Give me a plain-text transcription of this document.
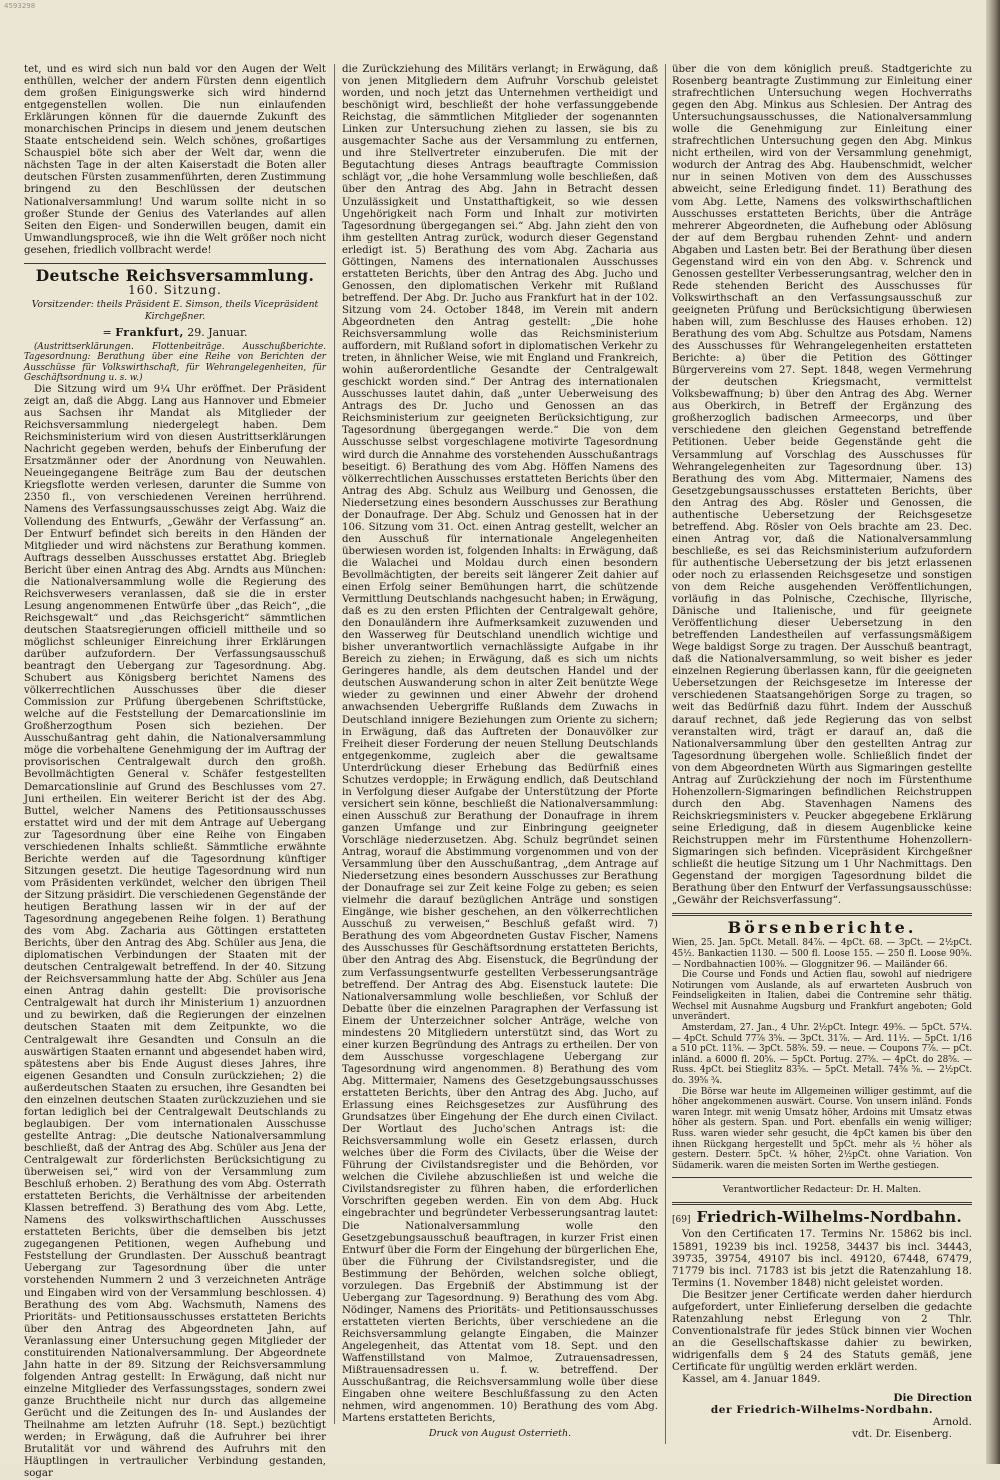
4593298

tet, und es wird sich nun bald vor den Augen der Welt enthüllen, welcher der andern Fürsten denn eigentlich dem großen Einigungswerke sich wird hindernd entgegenstellen wollen. Die nun einlaufenden Erklärungen können für die dauernde Zukunft des monarchischen Princips in diesem und jenem deutschen Staate entscheidend sein. Welch schönes, großartiges Schauspiel böte sich aber der Welt dar, wenn die nächsten Tage in der alten Kaiserstadt die Boten aller deutschen Fürsten zusammenführten, deren Zustimmung bringend zu den Beschlüssen der deutschen Nationalversammlung! Und warum sollte nicht in so großer Stunde der Genius des Vaterlandes auf allen Seiten den Eigen- und Sonderwillen beugen, damit ein Umwandlungsproceß, wie ihn die Welt größer noch nicht gesehen, friedlich vollbracht werde!

Deutsche Reichsversammlung.
160. Sitzung.
Vorsitzender: theils Präsident E. Simson, theils Vicepräsident Kirchgeßner.
= Frankfurt, 29. Januar.

(Austrittserklärungen. Flottenbeiträge. Ausschußberichte. Tagesordnung: Berathung über eine Reihe von Berichten der Ausschüsse für Volkswirthschaft, für Wehrangelegenheiten, für Geschäftsordnung u. s. w.)

Die Sitzung wird um 9¼ Uhr eröffnet. Der Präsident zeigt an, daß die Abgg. Lang aus Hannover und Ebmeier aus Sachsen ihr Mandat als Mitglieder der Reichsversammlung niedergelegt haben. Dem Reichsministerium wird von diesen Austrittserklärungen Nachricht gegeben werden, behufs der Einberufung der Ersatzmänner oder der Anordnung von Neuwahlen. Neueingegangene Beiträge zum Bau der deutschen Kriegsflotte werden verlesen, darunter die Summe von 2350 fl., von verschiedenen Vereinen herrührend. Namens des Verfassungsausschusses zeigt Abg. Waiz die Vollendung des Entwurfs, „Gewähr der Verfassung“ an. Der Entwurf befindet sich bereits in den Händen der Mitglieder und wird nächstens zur Berathung kommen. Auftrags desselben Ausschusses erstattet Abg. Briegleb Bericht über einen Antrag des Abg. Arndts aus München: die Nationalversammlung wolle die Regierung des Reichsverwesers veranlassen, daß sie die in erster Lesung angenommenen Entwürfe über „das Reich“, „die Reichsgewalt“ und „das Reichsgericht“ sämmtlichen deutschen Staatsregierungen officiell mittheile und so möglichst schleuniger Einreichung ihrer Erklärungen darüber aufzufordern. Der Verfassungsausschuß beantragt den Uebergang zur Tagesordnung. Abg. Schubert aus Königsberg berichtet Namens des völkerrechtlichen Ausschusses über die dieser Commission zur Prüfung übergebenen Schriftstücke, welche auf die Feststellung der Demarcationslinie im Großherzogthum Posen sich beziehen. Der Ausschußantrag geht dahin, die Nationalversammlung möge die vorbehaltene Genehmigung der im Auftrag der provisorischen Centralgewalt durch den großh. Bevollmächtigten General v. Schäfer festgestellten Demarcationslinie auf Grund des Beschlusses vom 27. Juni ertheilen. Ein weiterer Bericht ist der des Abg. Buttel, welcher Namens des Petitionsausschusses erstattet wird und der mit dem Antrage auf Uebergang zur Tagesordnung über eine Reihe von Eingaben verschiedenen Inhalts schließt. Sämmtliche erwähnte Berichte werden auf die Tagesordnung künftiger Sitzungen gesetzt. Die heutige Tagesordnung wird nun vom Präsidenten verkündet, welcher den übrigen Theil der Sitzung präsidirt. Die verschiedenen Gegenstände der heutigen Berathung lassen wir in der auf der Tagesordnung angegebenen Reihe folgen. 1) Berathung des vom Abg. Zacharia aus Göttingen erstatteten Berichts, über den Antrag des Abg. Schüler aus Jena, die diplomatischen Verbindungen der Staaten mit der deutschen Centralgewalt betreffend. In der 40. Sitzung der Reichsversammlung hatte der Abg. Schüler aus Jena einen Antrag dahin gestellt: Die provisorische Centralgewalt hat durch ihr Ministerium 1) anzuordnen und zu bewirken, daß die Regierungen der einzelnen deutschen Staaten mit dem Zeitpunkte, wo die Centralgewalt ihre Gesandten und Consuln an die auswärtigen Staaten ernannt und abgesendet haben wird, spätestens aber bis Ende August dieses Jahres, ihre eigenen Gesandten und Consuln zurückziehen; 2) die außerdeutschen Staaten zu ersuchen, ihre Gesandten bei den einzelnen deutschen Staaten zurückzuziehen und sie fortan lediglich bei der Centralgewalt Deutschlands zu beglaubigen. Der vom internationalen Ausschusse gestellte Antrag: „Die deutsche Nationalversammlung beschließt, daß der Antrag des Abg. Schüler aus Jena der Centralgewalt zur förderlichsten Berücksichtigung zu überweisen sei,“ wird von der Versammlung zum Beschluß erhoben. 2) Berathung des vom Abg. Osterrath erstatteten Berichts, die Verhältnisse der arbeitenden Klassen betreffend. 3) Berathung des vom Abg. Lette, Namens des volkswirthschaftlichen Ausschusses erstatteten Berichts, über die demselben bis jetzt zugegangenen Petitionen, wegen Aufhebung und Feststellung der Grundlasten. Der Ausschuß beantragt Uebergang zur Tagesordnung über die unter vorstehenden Nummern 2 und 3 verzeichneten Anträge und Eingaben wird von der Versammlung beschlossen. 4) Berathung des vom Abg. Wachsmuth, Namens des Prioritäts- und Petitionsausschusses erstatteten Berichts über den Antrag des Abgeordneten Jahn, auf Veranlassung einer Untersuchung gegen Mitglieder der constituirenden Nationalversammlung. Der Abgeordnete Jahn hatte in der 89. Sitzung der Reichsversammlung folgenden Antrag gestellt: In Erwägung, daß nicht nur einzelne Mitglieder des Verfassungsstages, sondern zwei ganze Bruchtheile nicht nur durch das allgemeine Gerücht und die Zeitungen des In- und Auslandes der Theilnahme am letzten Aufruhr (18. Sept.) bezüchtigt werden; in Erwägung, daß die Aufruhrer bei ihrer Brutalität vor und während des Aufruhrs mit den Häuptlingen in vertraulicher Verbindung gestanden, sogar

die Zurückziehung des Militärs verlangt; in Erwägung, daß von jenen Mitgliedern dem Aufruhr Vorschub geleistet worden, und noch jetzt das Unternehmen vertheidigt und beschönigt wird, beschließt der hohe verfassunggebende Reichstag, die sämmtlichen Mitglieder der sogenannten Linken zur Untersuchung ziehen zu lassen, sie bis zu ausgemachter Sache aus der Versammlung zu entfernen, und ihre Stellvertreter einzuberufen. Die mit der Begutachtung dieses Antrags beauftragte Commission schlägt vor, „die hohe Versammlung wolle beschließen, daß über den Antrag des Abg. Jahn in Betracht dessen Unzulässigkeit und Unstatthaftigkeit, so wie dessen Ungehörigkeit nach Form und Inhalt zur motivirten Tagesordnung übergegangen sei.“ Abg. Jahn zieht den von ihm gestellten Antrag zurück, wodurch dieser Gegenstand erledigt ist. 5) Berathung des vom Abg. Zacharia aus Göttingen, Namens des internationalen Ausschusses erstatteten Berichts, über den Antrag des Abg. Jucho und Genossen, den diplomatischen Verkehr mit Rußland betreffend. Der Abg. Dr. Jucho aus Frankfurt hat in der 102. Sitzung vom 24. October 1848, im Verein mit andern Abgeordneten den Antrag gestellt: „Die hohe Reichsversammlung wolle das Reichsministerium auffordern, mit Rußland sofort in diplomatischen Verkehr zu treten, in ähnlicher Weise, wie mit England und Frankreich, wohin außerordentliche Gesandte der Centralgewalt geschickt worden sind.“ Der Antrag des internationalen Ausschusses lautet dahin, daß „unter Ueberweisung des Antrags des Dr. Jucho und Genossen an das Reichsministerium zur geeigneten Berücksichtigung, zur Tagesordnung übergegangen werde.“ Die von dem Ausschusse selbst vorgeschlagene motivirte Tagesordnung wird durch die Annahme des vorstehenden Ausschußantrags beseitigt. 6) Berathung des vom Abg. Höffen Namens des völkerrechtlichen Ausschusses erstatteten Berichts über den Antrag des Abg. Schulz aus Weilburg und Genossen, die Niedersetzung eines besondern Ausschusses zur Berathung der Donaufrage. Der Abg. Schulz und Genossen hat in der 106. Sitzung vom 31. Oct. einen Antrag gestellt, welcher an den Ausschuß für internationale Angelegenheiten überwiesen worden ist, folgenden Inhalts: in Erwägung, daß die Walachei und Moldau durch einen besondern Bevollmächtigten, der bereits seit längerer Zeit dahier auf einen Erfolg seiner Bemühungen harrt, die schützende Vermittlung Deutschlands nachgesucht haben; in Erwägung, daß es zu den ersten Pflichten der Centralgewalt gehöre, den Donauländern ihre Aufmerksamkeit zuzuwenden und den Wasserweg für Deutschland unendlich wichtige und bisher unverantwortlich vernachlässigte Aufgabe in ihr Bereich zu ziehen; in Erwägung, daß es sich um nichts Geringeres handle, als dem deutschen Handel und der deutschen Auswanderung schon in alter Zeit benützte Wege wieder zu gewinnen und einer Abwehr der drohend anwachsenden Uebergriffe Rußlands dem Zuwachs in Deutschland innigere Beziehungen zum Oriente zu sichern; in Erwägung, daß das Auftreten der Donauvölker zur Freiheit dieser Forderung der neuen Stellung Deutschlands entgegenkomme, zugleich aber die gewaltsame Unterdrückung dieser Erhebung das Bedürfniß eines Schutzes verdopple; in Erwägung endlich, daß Deutschland in Verfolgung dieser Aufgabe der Unterstützung der Pforte versichert sein könne, beschließt die Nationalversammlung: einen Ausschuß zur Berathung der Donaufrage in ihrem ganzen Umfange und zur Einbringung geeigneter Vorschläge niederzusetzen. Abg. Schulz begründet seinen Antrag, worauf die Abstimmung vorgenommen und von der Versammlung über den Ausschußantrag, „dem Antrage auf Niedersetzung eines besondern Ausschusses zur Berathung der Donaufrage sei zur Zeit keine Folge zu geben; es seien vielmehr die darauf bezüglichen Anträge und sonstigen Eingänge, wie bisher geschehen, an den völkerrechtlichen Ausschuß zu verweisen,“ Beschluß gefaßt wird. 7) Berathung des vom Abgeordneten Gustav Fischer, Namens des Ausschusses für Geschäftsordnung erstatteten Berichts, über den Antrag des Abg. Eisenstuck, die Begründung der zum Verfassungsentwurfe gestellten Verbesserungsanträge betreffend. Der Antrag des Abg. Eisenstuck lautete: Die Nationalversammlung wolle beschließen, vor Schluß der Debatte über die einzelnen Paragraphen der Verfassung ist Einem der Unterzeichner solcher Anträge, welche von mindestens 20 Mitgliedern unterstützt sind, das Wort zu einer kurzen Begründung des Antrags zu ertheilen. Der von dem Ausschusse vorgeschlagene Uebergang zur Tagesordnung wird angenommen. 8) Berathung des vom Abg. Mittermaier, Namens des Gesetzgebungsausschusses erstatteten Berichts, über den Antrag des Abg. Jucho, auf Erlassung eines Reichsgesetzes zur Ausführung des Grundsatzes über Eingehung der Ehe durch einen Civilact. Der Wortlaut des Jucho'schen Antrags ist: die Reichsversammlung wolle ein Gesetz erlassen, durch welches über die Form des Civilacts, über die Weise der Führung der Civilstandsregister und die Behörden, vor welchen die Civilehe abzuschließen ist und welche die Civilstandsregister zu führen haben, die erforderlichen Vorschriften gegeben werden. Ein von dem Abg. Huck eingebrachter und begründeter Verbesserungsantrag lautet: Die Nationalversammlung wolle den Gesetzgebungsausschuß beauftragen, in kurzer Frist einen Entwurf über die Form der Eingehung der bürgerlichen Ehe, über die Führung der Civilstandsregister, und die Bestimmung der Behörden, welchen solche obliegt, vorzulegen. Das Ergebniß der Abstimmung ist der Uebergang zur Tagesordnung. 9) Berathung des vom Abg. Nödinger, Namens des Prioritäts- und Petitionsausschusses erstatteten vierten Berichts, über verschiedene an die Reichsversammlung gelangte Eingaben, die Mainzer Angelegenheit, das Attentat vom 18. Sept. und den Waffenstillstand von Malmoe, Zutrauensadressen, Mißtrauensadressen u. f. w. betreffend. Der Ausschußantrag, die Reichsversammlung wolle über diese Eingaben ohne weitere Beschlußfassung zu den Acten nehmen, wird angenommen. 10) Berathung des vom Abg. Martens erstatteten Berichts,

über die von dem königlich preuß. Stadtgerichte zu Rosenberg beantragte Zustimmung zur Einleitung einer strafrechtlichen Untersuchung wegen Hochverraths gegen den Abg. Minkus aus Schlesien. Der Antrag des Untersuchungsausschusses, die Nationalversammlung wolle die Genehmigung zur Einleitung einer strafrechtlichen Untersuchung gegen den Abg. Minkus nicht ertheilen, wird von der Versammlung genehmigt, wodurch der Antrag des Abg. Haubenschmidt, welcher nur in seinen Motiven von dem des Ausschusses abweicht, seine Erledigung findet. 11) Berathung des vom Abg. Lette, Namens des volkswirthschaftlichen Ausschusses erstatteten Berichts, über die Anträge mehrerer Abgeordneten, die Aufhebung oder Ablösung der auf dem Bergbau ruhenden Zehnt- und andern Abgaben und Lasten betr. Bei der Berathung über diesen Gegenstand wird ein von den Abg. v. Schrenck und Genossen gestellter Verbesserungsantrag, welcher den in Rede stehenden Bericht des Ausschusses für Volkswirthschaft an den Verfassungsausschuß zur geeigneten Prüfung und Berücksichtigung überwiesen haben will, zum Beschlusse des Hauses erhoben. 12) Berathung des vom Abg. Schultze aus Potsdam, Namens des Ausschusses für Wehrangelegenheiten erstatteten Berichte: a) über die Petition des Göttinger Bürgervereins vom 27. Sept. 1848, wegen Vermehrung der deutschen Kriegsmacht, vermittelst Volksbewaffnung; b) über den Antrag des Abg. Werner aus Oberkirch, in Betreff der Ergänzung des großherzoglich badischen Armeecorps, und über verschiedene den gleichen Gegenstand betreffende Petitionen. Ueber beide Gegenstände geht die Versammlung auf Vorschlag des Ausschusses für Wehrangelegenheiten zur Tagesordnung über. 13) Berathung des vom Abg. Mittermaier, Namens des Gesetzgebungsausschusses erstatteten Berichts, über den Antrag des Abg. Rösler und Genossen, die authentische Uebersetzung der Reichsgesetze betreffend. Abg. Rösler von Oels brachte am 23. Dec. einen Antrag vor, daß die Nationalversammlung beschließe, es sei das Reichsministerium aufzufordern für authentische Uebersetzung der bis jetzt erlassenen oder noch zu erlassenden Reichsgesetze und sonstigen von dem Reiche ausgehenden Veröffentlichungen, vorläufig in das Polnische, Czechische, Illyrische, Dänische und Italienische, und für geeignete Veröffentlichung dieser Uebersetzung in den betreffenden Landestheilen auf verfassungsmäßigem Wege baldigst Sorge zu tragen. Der Ausschuß beantragt, daß die Nationalversammlung, so weit bisher es jeder einzelnen Regierung überlassen kann, für die geeigneten Uebersetzungen der Reichsgesetze im Interesse der verschiedenen Staatsangehörigen Sorge zu tragen, so weit das Bedürfniß dazu führt. Indem der Ausschuß darauf rechnet, daß jede Regierung das von selbst veranstalten wird, trägt er darauf an, daß die Nationalversammlung über den gestellten Antrag zur Tagesordnung übergehen wolle. Schließlich findet der von dem Abgeordneten Würth aus Sigmaringen gestellte Antrag auf Zurückziehung der noch im Fürstenthume Hohenzollern-Sigmaringen befindlichen Reichstruppen durch den Abg. Stavenhagen Namens des Reichskriegsministers v. Peucker abgegebene Erklärung seine Erledigung, daß in diesem Augenblicke keine Reichstruppen mehr im Fürstenthume Hohenzollern-Sigmaringen sich befinden. Vicepräsident Kirchgeßner schließt die heutige Sitzung um 1 Uhr Nachmittags. Den Gegenstand der morgigen Tagesordnung bildet die Berathung über den Entwurf der Verfassungsausschüsse: „Gewähr der Reichsverfassung“.

Börsenberichte.

Wien, 25. Jan. 5pCt. Metall. 84⅞. — 4pCt. 68. — 3pCt. — 2½pCt. 45½. Bankactien 1130. — 500 fl. Loose 155. — 250 fl. Loose 90⅝. — Nordbahnactien 100⅜. — Gloggnitzer 96. — Mailänder 66.

Die Course und Fonds und Actien flau, sowohl auf niedrigere Notirungen vom Auslande, als auf erwarteten Ausbruch von Feindseligkeiten in Italien, dabei die Contremine sehr thätig. Wechsel mit Ausnahme Augsburg und Frankfurt angeboten; Gold unverändert.

Amsterdam, 27. Jan., 4 Uhr. 2½pCt. Integr. 49⅝. — 5pCt. 57¼. — 4pCt. Schuld 77⅞ 3⅝. — 3pCt. 31⅞. — Ard. 11½. — 5pCt. 1/16 a 510 pCt. 11⅝. — 3pCt. 58⅝. 59. — neue. — Coupons 7⅞. — pCt. inländ. a 6000 fl. 20⅝. — 5pCt. Portug. 27⅝. — 4pCt. do 28⅝. — Russ. 4pCt. bei Stieglitz 83⅝. — 5pCt. Metall. 74⅝ ⅝. — 2½pCt. do. 39⅝ ¾.

Die Börse war heute im Allgemeinen williger gestimmt, auf die höher angekommenen auswärt. Course. Von unsern inländ. Fonds waren Integr. mit wenig Umsatz höher, Ardoins mit Umsatz etwas höher als gestern. Span. und Port. ebenfalls ein wenig williger; Russ. waren wieder sehr gesucht, die 4pCt kamen bis über den ihnen Rückgang hergestellt und 5pCt. mehr als ½ höher als gestern. Desterr. 5pCt. ¼ höher, 2½pCt. ohne Variation. Von Südamerik. waren die meisten Sorten im Werthe gestiegen.

Verantwortlicher Redacteur: Dr. H. Malten.
[69] Friedrich-Wilhelms-Nordbahn.

Von den Certificaten 17. Termins Nr. 15862 bis incl. 15891, 19239 bis incl. 19258, 34437 bis incl. 34443, 39735, 39754, 49107 bis incl. 49120, 67448, 67479, 71779 bis incl. 71783 ist bis jetzt die Ratenzahlung 18. Termins (1. November 1848) nicht geleistet worden.

Die Besitzer jener Certificate werden daher hierdurch aufgefordert, unter Einlieferung derselben die gedachte Ratenzahlung nebst Erlegung von 2 Thlr. Conventionalstrafe für jedes Stück binnen vier Wochen an die Gesellschaftskasse dahier zu bewirken, widrigenfalls dem § 24 des Statuts gemäß, jene Certificate für ungültig werden erklärt werden.

Kassel, am 4. Januar 1849.

Die Direction
der Friedrich-Wilhelms-Nordbahn.
Arnold.
vdt. Dr. Eisenberg.
Druck von August Osterrieth.
